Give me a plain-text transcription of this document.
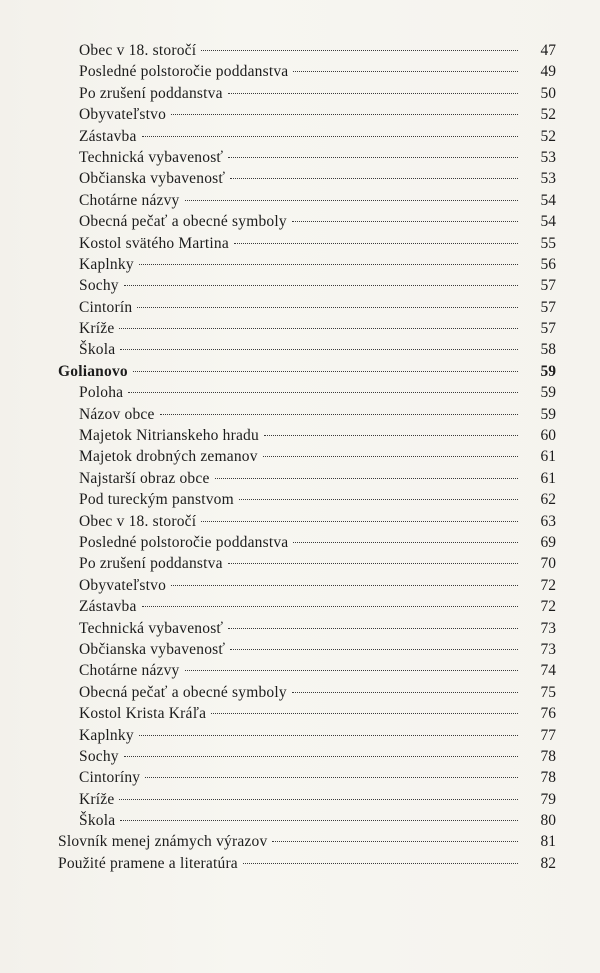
Obec v 18. storočí	47
Posledné polstoročie poddanstva	49
Po zrušení poddanstva	50
Obyvateľstvo	52
Zástavba	52
Technická vybavenosť	53
Občianska vybavenosť	53
Chotárne názvy	54
Obecná pečať a obecné symboly	54
Kostol svätého Martina	55
Kaplnky	56
Sochy	57
Cintorín	57
Kríže	57
Škola	58
Golianovo	59
Poloha	59
Názov obce	59
Majetok Nitrianskeho hradu	60
Majetok drobných zemanov	61
Najstarší obraz obce	61
Pod tureckým panstvom	62
Obec v 18. storočí	63
Posledné polstoročie poddanstva	69
Po zrušení poddanstva	70
Obyvateľstvo	72
Zástavba	72
Technická vybavenosť	73
Občianska vybavenosť	73
Chotárne názvy	74
Obecná pečať a obecné symboly	75
Kostol Krista Kráľa	76
Kaplnky	77
Sochy	78
Cintoríny	78
Kríže	79
Škola	80
Slovník menej známych výrazov	81
Použité pramene a literatúra	82
